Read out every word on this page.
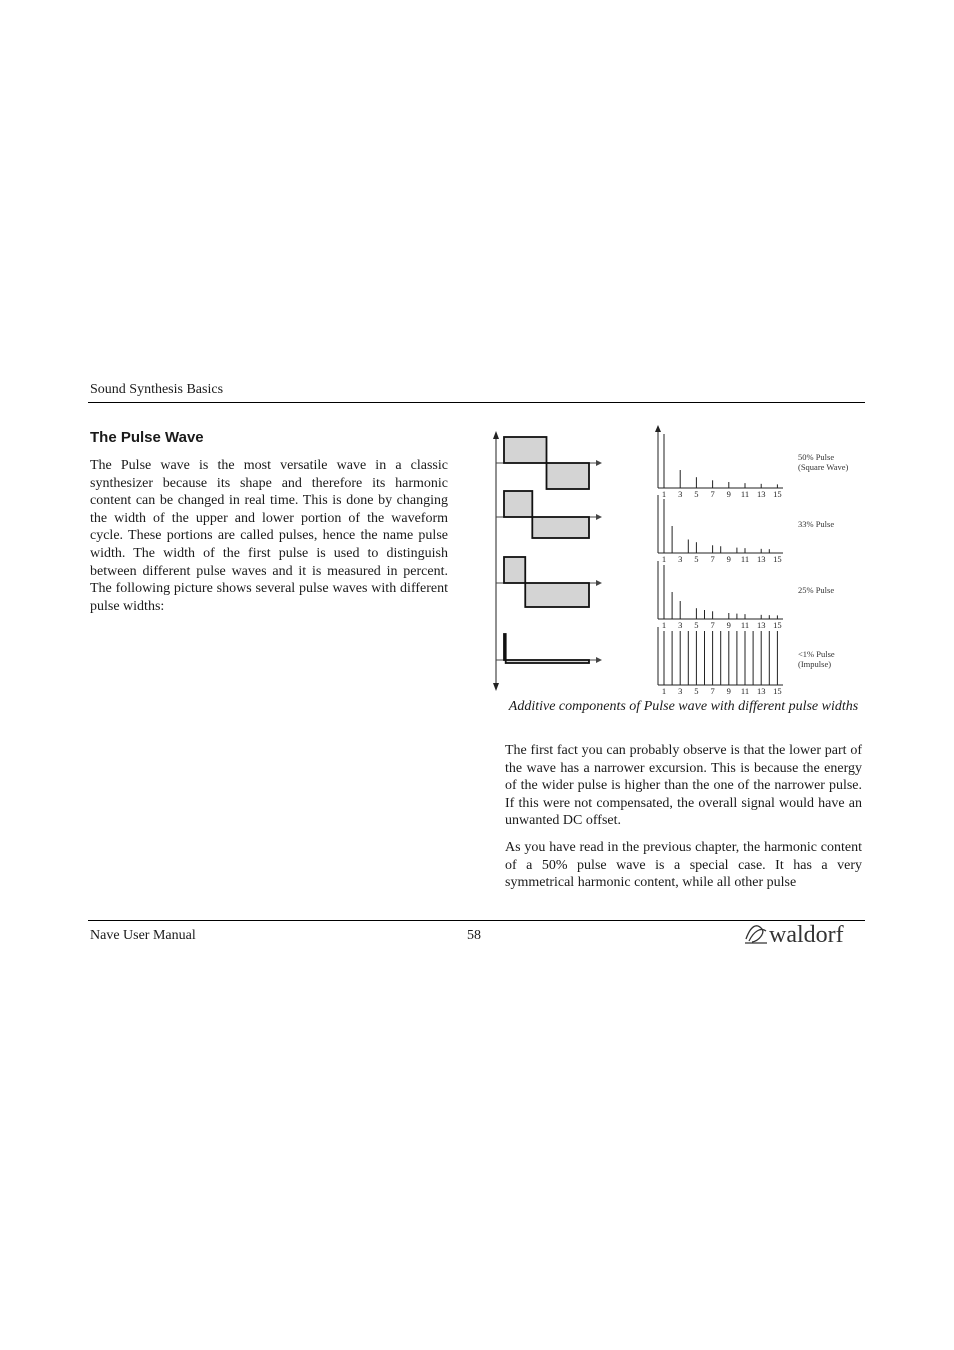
Sound Synthesis Basics
The Pulse Wave

The Pulse wave is the most versatile wave in a classic synthesizer because its shape and therefore its harmonic content can be changed in real time. This is done by changing the width of the upper and lower portion of the waveform cycle. These portions are called pulses, hence the name pulse width. The width of the first pulse is used to distinguish between different pulse waves and it is measured in percent. The following picture shows several pulse waves with different pulse widths:

1 3 5 7 9 11 13 15
50% Pulse
(Square Wave)
1 3 5 7 9 11 13 15
33% Pulse
1 3 5 7 9 11 13 15
25% Pulse
1 3 5 7 9 11 13 15
<1% Pulse
(Impulse)
Additive components of Pulse wave with different pulse widths

The first fact you can probably observe is that the lower part of the wave has a narrower excursion. This is because the energy of the wider pulse is higher than the one of the narrower pulse. If this were not compensated, the overall signal would have an unwanted DC offset.

As you have read in the previous chapter, the harmonic content of a 50% pulse wave is a special case. It has a very symmetrical harmonic content, while all other pulse

Nave User Manual	58	waldorf
